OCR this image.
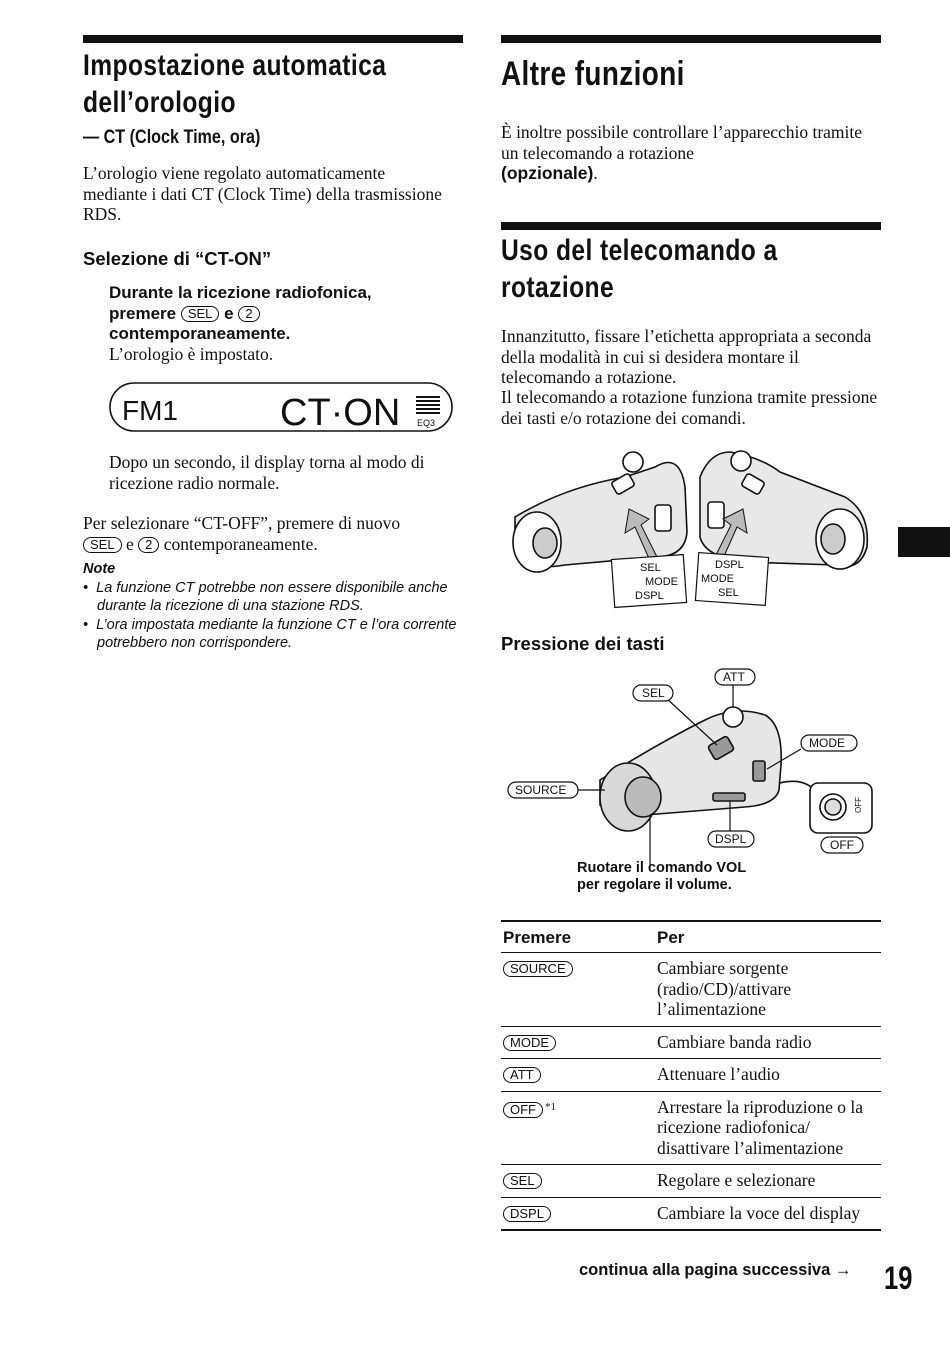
Impostazione automatica
dell’orologio
— CT (Clock Time, ora)
L’orologio viene regolato automaticamente mediante i dati CT (Clock Time) della trasmissione RDS.
Selezione di “CT-ON”
Durante la ricezione radiofonica,
premere SEL e 2
contemporaneamente.
L’orologio è impostato.
FM1	CT·ON EQ3
Dopo un secondo, il display torna al modo di ricezione radio normale.
Per selezionare “CT-OFF”, premere di nuovo
SEL e 2 contemporaneamente.
Note
•  La funzione CT potrebbe non essere disponibile anche durante la ricezione di una stazione RDS.
•  L’ora impostata mediante la funzione CT e l’ora corrente potrebbero non corrispondere.
Altre funzioni
È inoltre possibile controllare l’apparecchio tramite un telecomando a rotazione
(opzionale).
Uso del telecomando a
rotazione
Innanzitutto, fissare l’etichetta appropriata a seconda della modalità in cui si desidera montare il telecomando a rotazione.
Il telecomando a rotazione funziona tramite pressione dei tasti e/o rotazione dei comandi.
SEL
MODE
DSPL
DSPL
MODE
SEL
Pressione dei tasti
OFF
SEL
ATT
MODE
SOURCE
DSPL	OFF
Ruotare il comando VOL
per regolare il volume.
Premere	Per
SOURCE	Cambiare sorgente (radio/CD)/attivare l’alimentazione
MODE	Cambiare banda radio
ATT	Attenuare l’audio
OFF $^{*1}$	Arrestare la riproduzione o la ricezione radiofonica/ disattivare l’alimentazione
SEL	Regolare e selezionare
DSPL	Cambiare la voce del display
continua alla pagina successiva → 19
